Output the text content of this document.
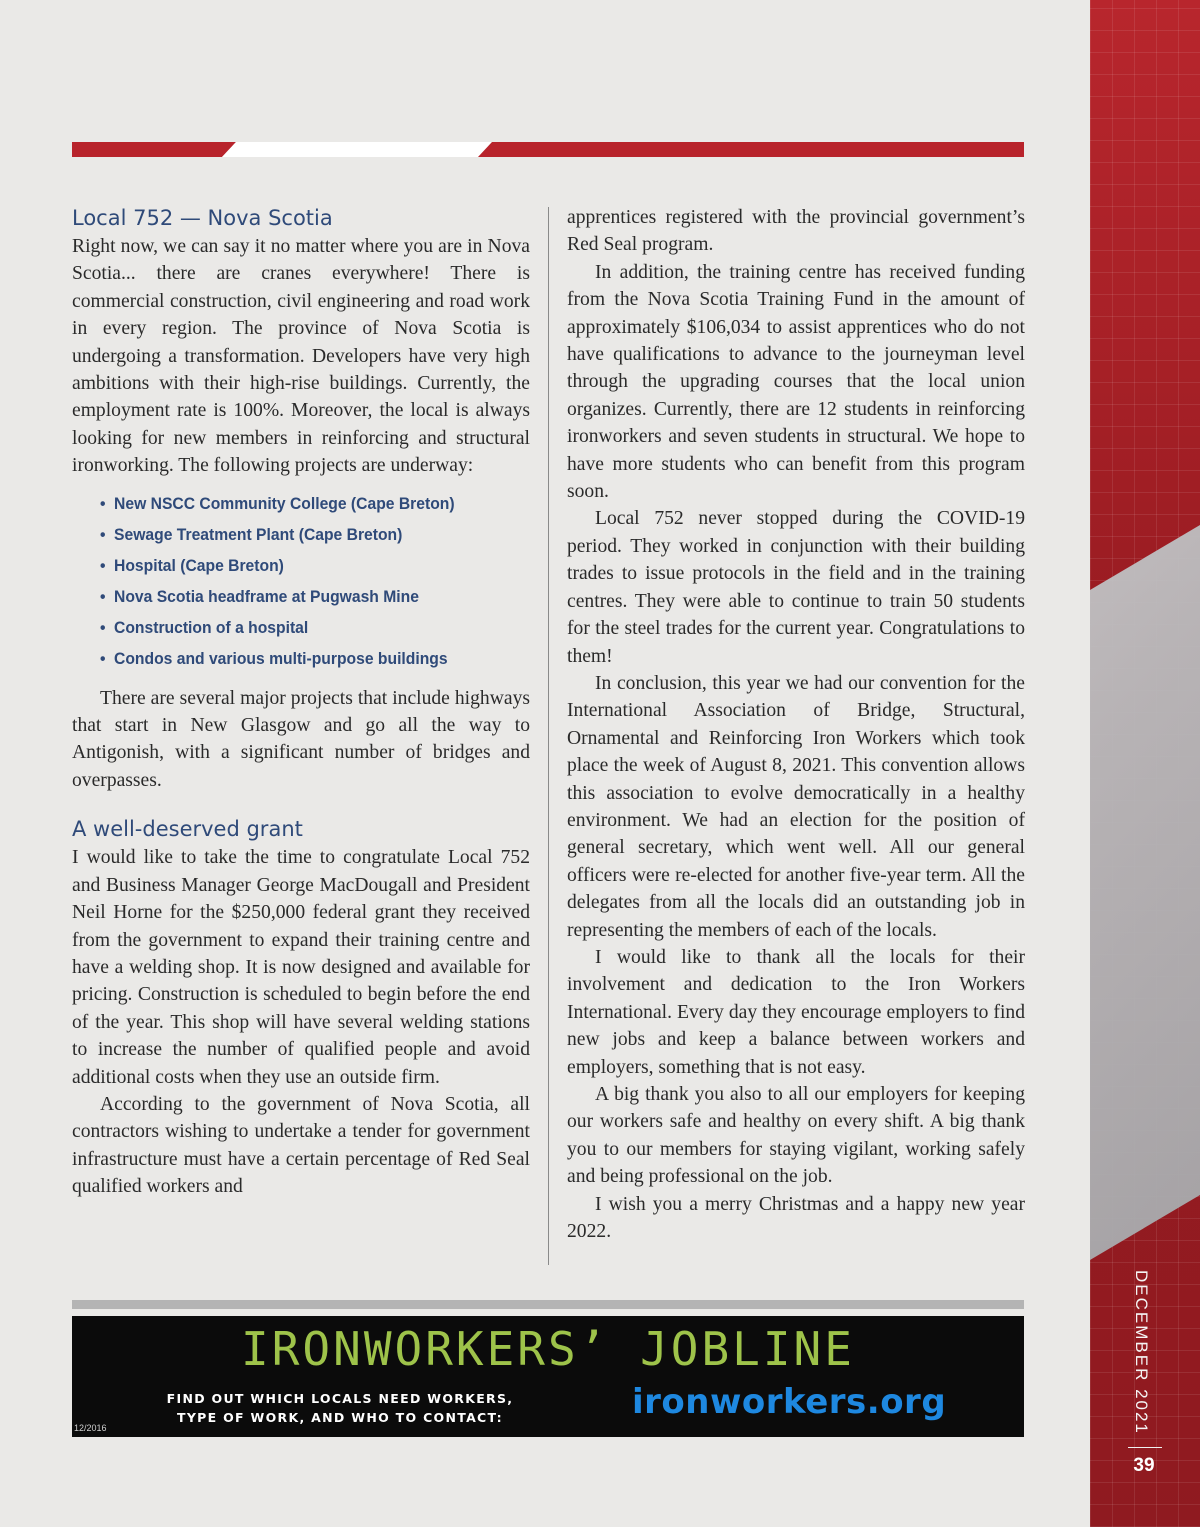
DECEMBER 2021
39
Local 752 — Nova Scotia

Right now, we can say it no matter where you are in Nova Scotia... there are cranes everywhere! There is commercial construction, civil engineering and road work in every region. The province of Nova Scotia is undergoing a transformation. Developers have very high ambitions with their high-rise buildings. Currently, the employment rate is 100%. Moreover, the local is always looking for new members in reinforcing and structural ironworking. The following projects are underway:

• New NSCC Community College (Cape Breton)
• Sewage Treatment Plant (Cape Breton)
• Hospital (Cape Breton)
• Nova Scotia headframe at Pugwash Mine
• Construction of a hospital
• Condos and various multi-purpose buildings

There are several major projects that include highways that start in New Glasgow and go all the way to Antigonish, with a significant number of bridges and overpasses.

A well-deserved grant

I would like to take the time to congratulate Local 752 and Business Manager George MacDougall and President Neil Horne for the $250,000 federal grant they received from the government to expand their training centre and have a welding shop. It is now designed and available for pricing. Construction is scheduled to begin before the end of the year. This shop will have several welding stations to increase the number of qualified people and avoid additional costs when they use an outside firm.

According to the government of Nova Scotia, all contractors wishing to undertake a tender for government infrastructure must have a certain percentage of Red Seal qualified workers and

apprentices registered with the provincial government’s Red Seal program.

In addition, the training centre has received funding from the Nova Scotia Training Fund in the amount of approximately $106,034 to assist apprentices who do not have qualifications to advance to the journeyman level through the upgrading courses that the local union organizes. Currently, there are 12 students in reinforcing ironworkers and seven students in structural. We hope to have more students who can benefit from this program soon.

Local 752 never stopped during the COVID-19 period. They worked in conjunction with their building trades to issue protocols in the field and in the training centres. They were able to continue to train 50 students for the steel trades for the current year. Congratulations to them!

In conclusion, this year we had our convention for the International Association of Bridge, Structural, Ornamental and Reinforcing Iron Workers which took place the week of August 8, 2021. This convention allows this association to evolve democratically in a healthy environment. We had an election for the position of general secretary, which went well. All our general officers were re-elected for another five-year term. All the delegates from all the locals did an outstanding job in representing the members of each of the locals.

I would like to thank all the locals for their involvement and dedication to the Iron Workers International. Every day they encourage employers to find new jobs and keep a balance between workers and employers, something that is not easy.

A big thank you also to all our employers for keeping our workers safe and healthy on every shift. A big thank you to our members for staying vigilant, working safely and being professional on the job.

I wish you a merry Christmas and a happy new year 2022.

IRONWORKERS’ JOBLINE
FIND OUT WHICH LOCALS NEED WORKERS,
TYPE OF WORK, AND WHO TO CONTACT:	ironworkers.org
12/2016
